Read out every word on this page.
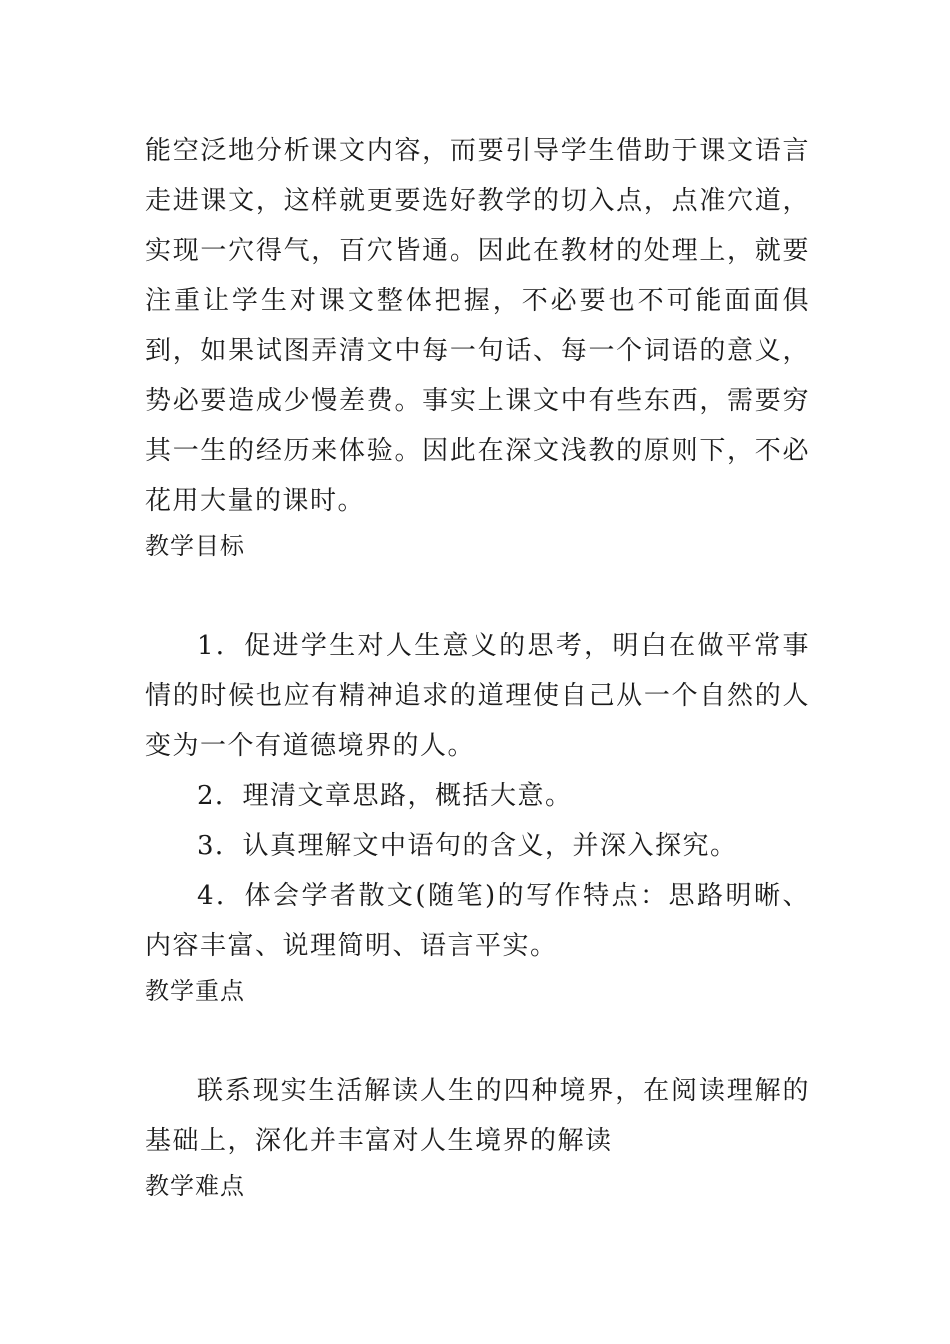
能空泛地分析课文内容，而要引导学生借助于课文语言走进课文，这样就更要选好教学的切入点，点准穴道，实现一穴得气，百穴皆通。因此在教材的处理上，就要注重让学生对课文整体把握，不必要也不可能面面俱到，如果试图弄清文中每一句话、每一个词语的意义，势必要造成少慢差费。事实上课文中有些东西，需要穷其一生的经历来体验。因此在深文浅教的原则下，不必花用大量的课时。

教学目标

1．促进学生对人生意义的思考，明白在做平常事情的时候也应有精神追求的道理使自己从一个自然的人变为一个有道德境界的人。

2．理清文章思路，概括大意。

3．认真理解文中语句的含义，并深入探究。

4．体会学者散文(随笔)的写作特点：思路明晰、内容丰富、说理简明、语言平实。

教学重点

联系现实生活解读人生的四种境界，在阅读理解的基础上，深化并丰富对人生境界的解读

教学难点
